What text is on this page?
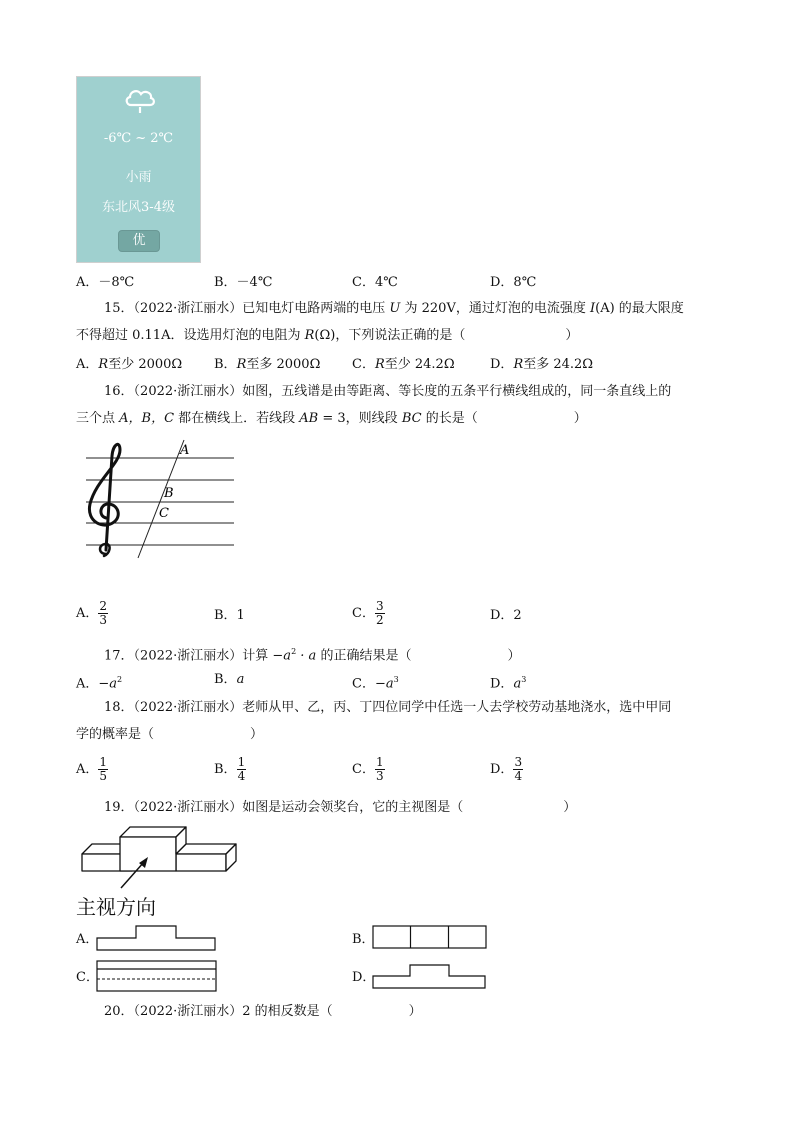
-6℃ ~ 2℃
小雨
东北风3-4级
优
A．－8℃	B．－4℃	C．4℃	D．8℃
15．（2022·浙江丽水）已知电灯电路两端的电压 U 为 220V，通过灯泡的电流强度 I(A) 的最大限度
不得超过 0.11A．设选用灯泡的电阻为 R(Ω)，下列说法正确的是（	）
A．R至少 2000Ω B．R至多 2000Ω C．R至少 24.2Ω	D．R至多 24.2Ω
16．（2022·浙江丽水）如图，五线谱是由等距离、等长度的五条平行横线组成的，同一条直线上的
三个点 A，B，C 都在横线上．若线段 AB = 3，则线段 BC 的长是（	）
A
B
C
A． $\frac{2}{3}$	B．1	C． $\frac{3}{2}$	D．2
17．（2022·浙江丽水）计算 $-a^2 \cdot a$ 的正确结果是（	）
A．$-a^2$	B．a	C．$-a^3$	D．$a^3$
18．（2022·浙江丽水）老师从甲、乙，丙、丁四位同学中任选一人去学校劳动基地浇水，选中甲同
学的概率是（	）
A． $\frac{1}{5}$	B． $\frac{1}{4}$	C． $\frac{1}{3}$	D． $\frac{3}{4}$
19．（2022·浙江丽水）如图是运动会领奖台，它的主视图是（	）
主视方向
A．	B．
C．	D．
20．（2022·浙江丽水）2 的相反数是（	）
